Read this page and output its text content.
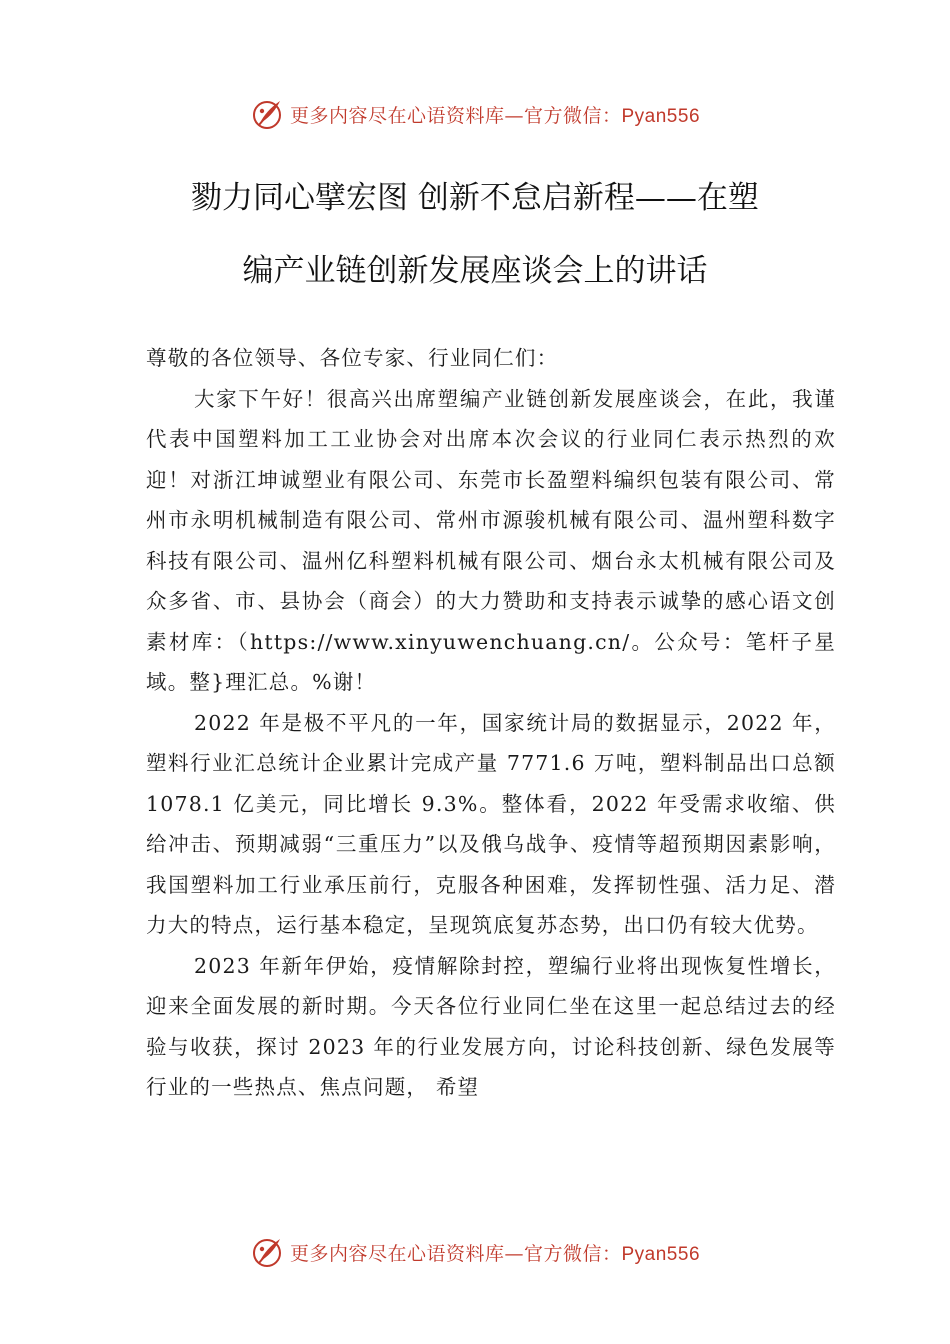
更多内容尽在心语资料库—官方微信：Pyan556

勠力同心擘宏图 创新不怠启新程——在塑

编产业链创新发展座谈会上的讲话

尊敬的各位领导、各位专家、行业同仁们：

大家下午好！很高兴出席塑编产业链创新发展座谈会，在此，我谨代表中国塑料加工工业协会对出席本次会议的行业同仁表示热烈的欢迎！对浙江坤诚塑业有限公司、东莞市长盈塑料编织包装有限公司、常州市永明机械制造有限公司、常州市源骏机械有限公司、温州塑科数字科技有限公司、温州亿科塑料机械有限公司、烟台永太机械有限公司及众多省、市、县协会（商会）的大力赞助和支持表示诚挚的感心语文创素材库：（https://www.xinyuwenchuang.cn/。公众号：笔杆子星域。整}理汇总。%谢！

2022 年是极不平凡的一年，国家统计局的数据显示，2022 年，塑料行业汇总统计企业累计完成产量 7771.6 万吨，塑料制品出口总额 1078.1 亿美元，同比增长 9.3%。整体看，2022 年受需求收缩、供给冲击、预期减弱“三重压力”以及俄乌战争、疫情等超预期因素影响，我国塑料加工行业承压前行，克服各种困难，发挥韧性强、活力足、潜力大的特点，运行基本稳定，呈现筑底复苏态势，出口仍有较大优势。

2023 年新年伊始，疫情解除封控，塑编行业将出现恢复性增长，迎来全面发展的新时期。今天各位行业同仁坐在这里一起总结过去的经验与收获，探讨 2023 年的行业发展方向，讨论科技创新、绿色发展等行业的一些热点、焦点问题， 希望

更多内容尽在心语资料库—官方微信：Pyan556
